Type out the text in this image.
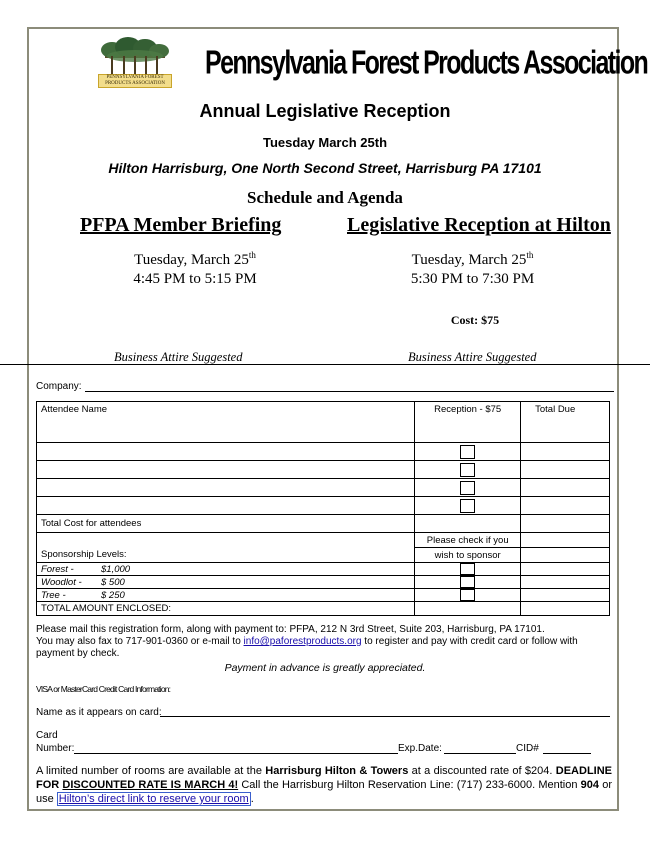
PENNSYLVANIA FOREST
PRODUCTS ASSOCIATION
Pennsylvania Forest Products Association
Annual Legislative Reception
Tuesday March 25th
Hilton Harrisburg, One North Second Street, Harrisburg PA 17101
Schedule and Agenda
PFPA Member Briefing
Tuesday, March 25th
4:45 PM to 5:15 PM
Business Attire Suggested
Legislative Reception at Hilton
Tuesday, March 25th
5:30 PM to 7:30 PM
Cost: $75
Business Attire Suggested
Company:
Attendee Name	Reception - $75	Total Due

Total Cost for attendees		
	Please check if you	
Sponsorship Levels:	wish to sponsor	
Forest - $1,000		
Woodlot - $ 500		
Tree - $ 250		
TOTAL AMOUNT ENCLOSED:		
Please mail this registration form, along with payment to: PFPA, 212 N 3rd Street, Suite 203, Harrisburg, PA 17101.
You may also fax to 717-901-0360 or e-mail to info@paforestproducts.org to register and pay with credit card or follow with payment by check.
Payment in advance is greatly appreciated.
VISA or MasterCard Credit Card Information:
Name as it appears on card:
Card
Number:	Exp.Date:	CID#
A limited number of rooms are available at the Harrisburg Hilton & Towers at a discounted rate of $204. DEADLINE FOR DISCOUNTED RATE IS MARCH 4! Call the Harrisburg Hilton Reservation Line: (717) 233-6000. Mention 904 or use Hilton’s direct link to reserve your room .
